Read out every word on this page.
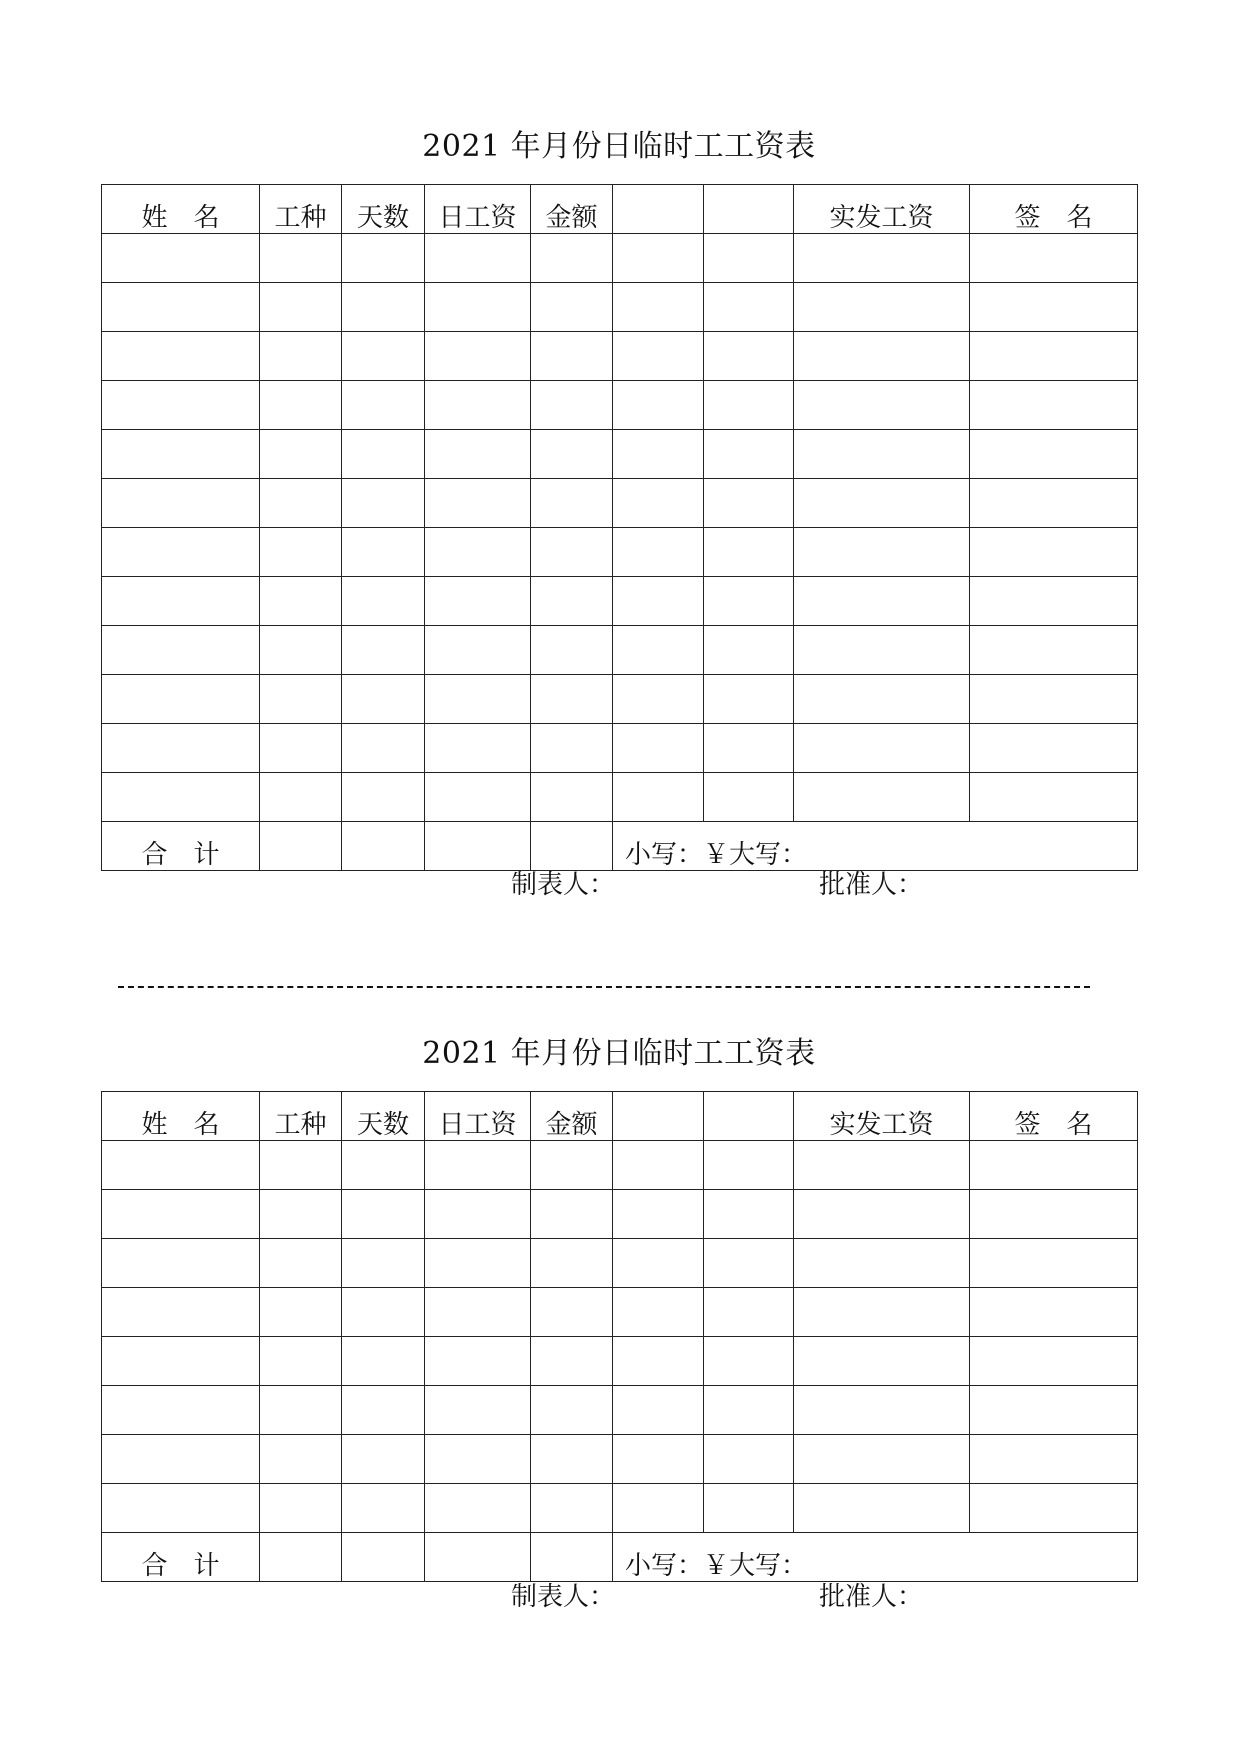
2021 年月份日临时工工资表
姓　名	工种	天数	日工资	金额			实发工资	签　名

合　计					小写：￥大写：			
制表人：	批准人：
2021 年月份日临时工工资表
姓　名	工种	天数	日工资	金额			实发工资	签　名

合　计					小写：￥大写：			
制表人：	批准人：
